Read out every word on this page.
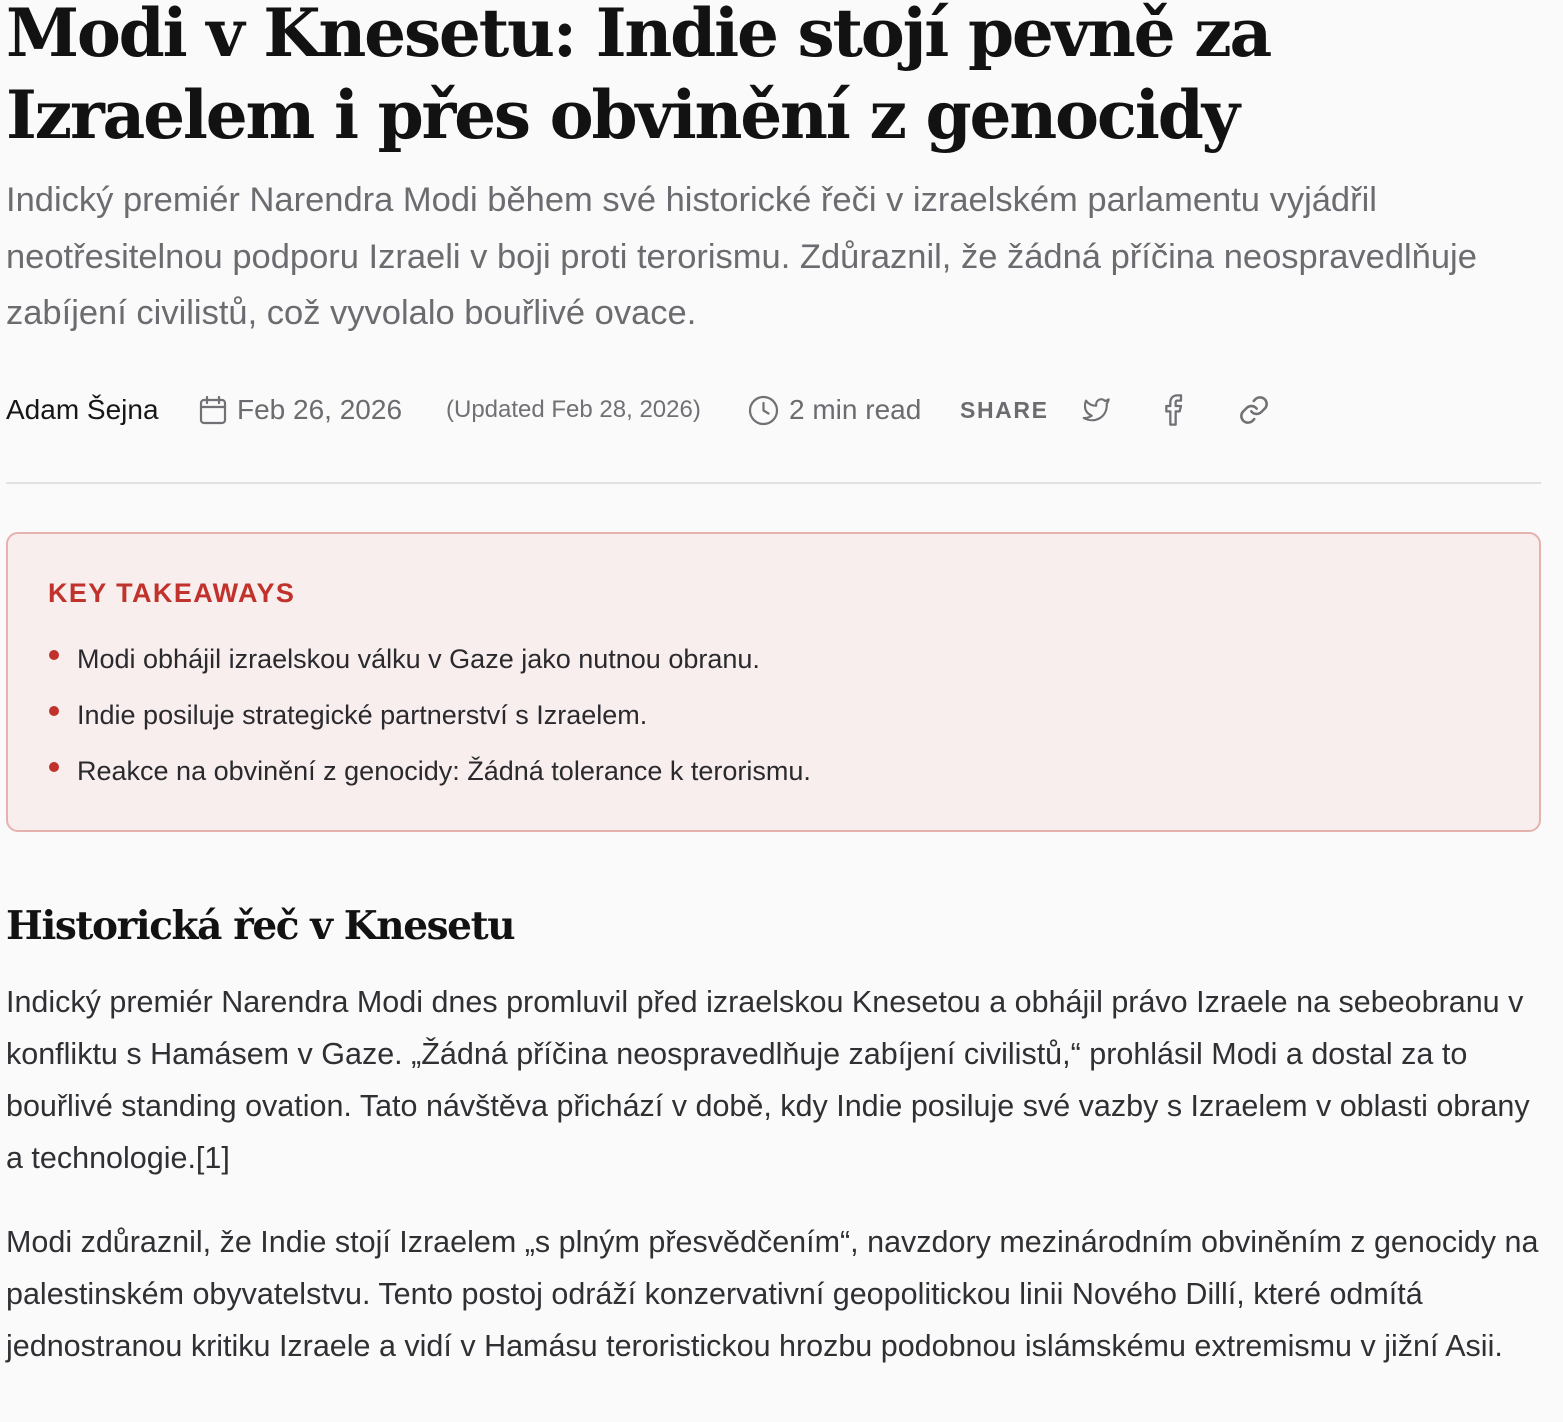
Modi v Knesetu: Indie stojí pevně za Izraelem i přes obvinění z genocidy

Indický premiér Narendra Modi během své historické řeči v izraelském parlamentu vyjádřil neotřesitelnou podporu Izraeli v boji proti terorismu. Zdůraznil, že žádná příčina neospravedlňuje zabíjení civilistů, což vyvolalo bouřlivé ovace.

Adam Šejna	Feb 26, 2026 (Updated Feb 28, 2026)	2 min read SHARE
KEY TAKEAWAYS
Modi obhájil izraelskou válku v Gaze jako nutnou obranu.
Indie posiluje strategické partnerství s Izraelem.
Reakce na obvinění z genocidy: Žádná tolerance k terorismu.
Historická řeč v Knesetu

Indický premiér Narendra Modi dnes promluvil před izraelskou Knesetou a obhájil právo Izraele na sebeobranu v konfliktu s Hamásem v Gaze. „Žádná příčina neospravedlňuje zabíjení civilistů,“ prohlásil Modi a dostal za to bouřlivé standing ovation. Tato návštěva přichází v době, kdy Indie posiluje své vazby s Izraelem v oblasti obrany a technologie.[1]

Modi zdůraznil, že Indie stojí Izraelem „s plným přesvědčením“, navzdory mezinárodním obviněním z genocidy na palestinském obyvatelstvu. Tento postoj odráží konzervativní geopolitickou linii Nového Dillí, které odmítá jednostranou kritiku Izraele a vidí v Hamásu teroristickou hrozbu podobnou islámskému extremismu v jižní Asii.
